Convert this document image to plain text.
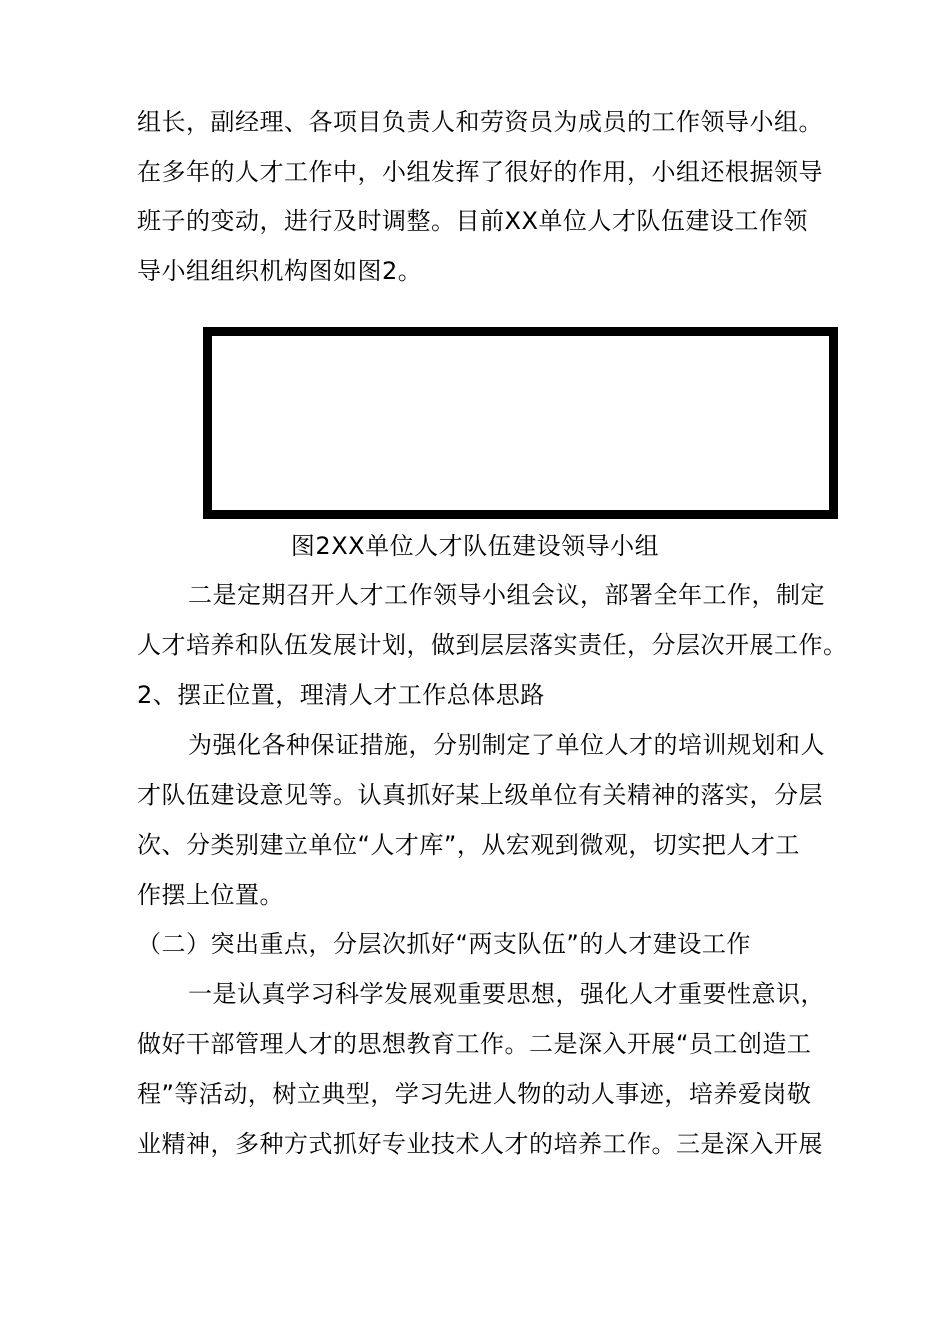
组长，副经理、各项目负责人和劳资员为成员的工作领导小组。
在多年的人才工作中，小组发挥了很好的作用，小组还根据领导
班子的变动，进行及时调整。目前XX单位人才队伍建设工作领
导小组组织机构图如图2。
图2XX单位人才队伍建设领导小组
二是定期召开人才工作领导小组会议，部署全年工作，制定
人才培养和队伍发展计划，做到层层落实责任，分层次开展工作。
2、摆正位置，理清人才工作总体思路
为强化各种保证措施，分别制定了单位人才的培训规划和人
才队伍建设意见等。认真抓好某上级单位有关精神的落实，分层
次、分类别建立单位“人才库”，从宏观到微观，切实把人才工
作摆上位置。
（二）突出重点，分层次抓好“两支队伍”的人才建设工作
一是认真学习科学发展观重要思想，强化人才重要性意识，
做好干部管理人才的思想教育工作。二是深入开展“员工创造工
程”等活动，树立典型，学习先进人物的动人事迹，培养爱岗敬
业精神，多种方式抓好专业技术人才的培养工作。三是深入开展
